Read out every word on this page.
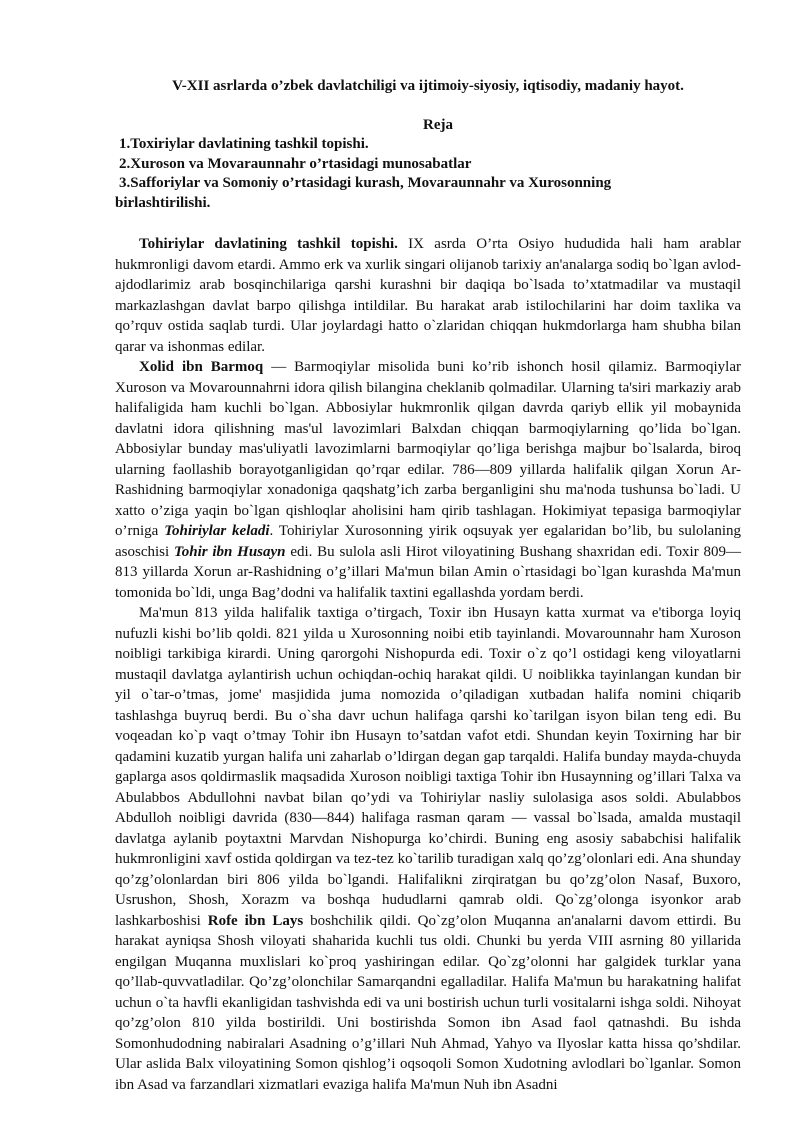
V-XII asrlarda o’zbek davlatchiligi va ijtimoiy-siyosiy, iqtisodiy, madaniy hayot.
Reja
1.Toxiriylar davlatining tashkil topishi.
2.Xuroson va Movaraunnahr o’rtasidagi munosabatlar
3.Safforiylar va Somoniy o’rtasidagi kurash, Movaraunnahr va Xurosonning
birlashtirilishi.

Tohiriylar davlatining tashkil topishi. IX asrda O’rta Osiyo hududida hali ham arablar hukmronligi davom etardi. Ammo erk va xurlik singari olijanob tarixiy an'analarga sodiq bo`lgan avlod-ajdodlarimiz arab bosqinchilariga qarshi kurashni bir daqiqa bo`lsada to’xtatmadilar va mustaqil markazlashgan davlat barpo qilishga intildilar. Bu harakat arab istilochilarini har doim taxlika va qo’rquv ostida saqlab turdi. Ular joylardagi hatto o`zlaridan chiqqan hukmdorlarga ham shubha bilan qarar va ishonmas edilar.

Xolid ibn Barmoq — Barmoqiylar misolida buni ko’rib ishonch hosil qilamiz. Barmoqiylar Xuroson va Movarounnahrni idora qilish bilangina cheklanib qolmadilar. Ularning ta'siri markaziy arab halifaligida ham kuchli bo`lgan. Abbosiylar hukmronlik qilgan davrda qariyb ellik yil mobaynida davlatni idora qilishning mas'ul lavozimlari Balxdan chiqqan barmoqiylarning qo’lida bo`lgan. Abbosiylar bunday mas'uliyatli lavozimlarni barmoqiylar qo’liga berishga majbur bo`lsalarda, biroq ularning faollashib borayotganligidan qo’rqar edilar. 786—809 yillarda halifalik qilgan Xorun Ar-Rashidning barmoqiylar xonadoniga qaqshatg’ich zarba berganligini shu ma'noda tushunsa bo`ladi. U xatto o’ziga yaqin bo`lgan qishloqlar aholisini ham qirib tashlagan. Hokimiyat tepasiga barmoqiylar o’rniga Tohiriylar keladi. Tohiriylar Xurosonning yirik oqsuyak yer egalaridan bo’lib, bu sulolaning asoschisi Tohir ibn Husayn edi. Bu sulola asli Hirot viloyatining Bushang shaxridan edi. Toxir 809—813 yillarda Xorun ar-Rashidning o’g’illari Ma'mun bilan Amin o`rtasidagi bo`lgan kurashda Ma'mun tomonida bo`ldi, unga Bag’dodni va halifalik taxtini egallashda yordam berdi.

Ma'mun 813 yilda halifalik taxtiga o’tirgach, Toxir ibn Husayn katta xurmat va e'tiborga loyiq nufuzli kishi bo’lib qoldi. 821 yilda u Xurosonning noibi etib tayinlandi. Movarounnahr ham Xuroson noibligi tarkibiga kirardi. Uning qarorgohi Nishopurda edi. Toxir o`z qo’l ostidagi keng viloyatlarni mustaqil davlatga aylantirish uchun ochiqdan-ochiq harakat qildi. U noiblikka tayinlangan kundan bir yil o`tar-o’tmas, jome' masjidida juma nomozida o’qiladigan xutbadan halifa nomini chiqarib tashlashga buyruq berdi. Bu o`sha davr uchun halifaga qarshi ko`tarilgan isyon bilan teng edi. Bu voqeadan ko`p vaqt o’tmay Tohir ibn Husayn to’satdan vafot etdi. Shundan keyin Toxirning har bir qadamini kuzatib yurgan halifa uni zaharlab o’ldirgan degan gap tarqaldi. Halifa bunday mayda-chuyda gaplarga asos qoldirmaslik maqsadida Xuroson noibligi taxtiga Tohir ibn Husaynning og’illari Talxa va Abulabbos Abdullohni navbat bilan qo’ydi va Tohiriylar nasliy sulolasiga asos soldi. Abulabbos Abdulloh noibligi davrida (830—844) halifaga rasman qaram — vassal bo`lsada, amalda mustaqil davlatga aylanib poytaxtni Marvdan Nishopurga ko’chirdi. Buning eng asosiy sababchisi halifalik hukmronligini xavf ostida qoldirgan va tez-tez ko`tarilib turadigan xalq qo’zg’olonlari edi. Ana shunday qo’zg’olonlardan biri 806 yilda bo`lgandi. Halifalikni zirqiratgan bu qo’zg’olon Nasaf, Buxoro, Usrushon, Shosh, Xorazm va boshqa hududlarni qamrab oldi. Qo`zg’olonga isyonkor arab lashkarboshisi Rofe ibn Lays boshchilik qildi. Qo`zg’olon Muqanna an'analarni davom ettirdi. Bu harakat ayniqsa Shosh viloyati shaharida kuchli tus oldi. Chunki bu yerda VIII asrning 80 yillarida engilgan Muqanna muxlislari ko`proq yashiringan edilar. Qo`zg’olonni har galgidek turklar yana qo’llab-quvvatladilar. Qo’zg’olonchilar Samarqandni egalladilar. Halifa Ma'mun bu harakatning halifat uchun o`ta havfli ekanligidan tashvishda edi va uni bostirish uchun turli vositalarni ishga soldi. Nihoyat qo’zg’olon 810 yilda bostirildi. Uni bostirishda Somon ibn Asad faol qatnashdi. Bu ishda Somonhudodning nabiralari Asadning o’g’illari Nuh Ahmad, Yahyo va Ilyoslar katta hissa qo’shdilar. Ular aslida Balx viloyatining Somon qishlog’i oqsoqoli Somon Xudotning avlodlari bo`lganlar. Somon ibn Asad va farzandlari xizmatlari evaziga halifa Ma'mun Nuh ibn Asadni
